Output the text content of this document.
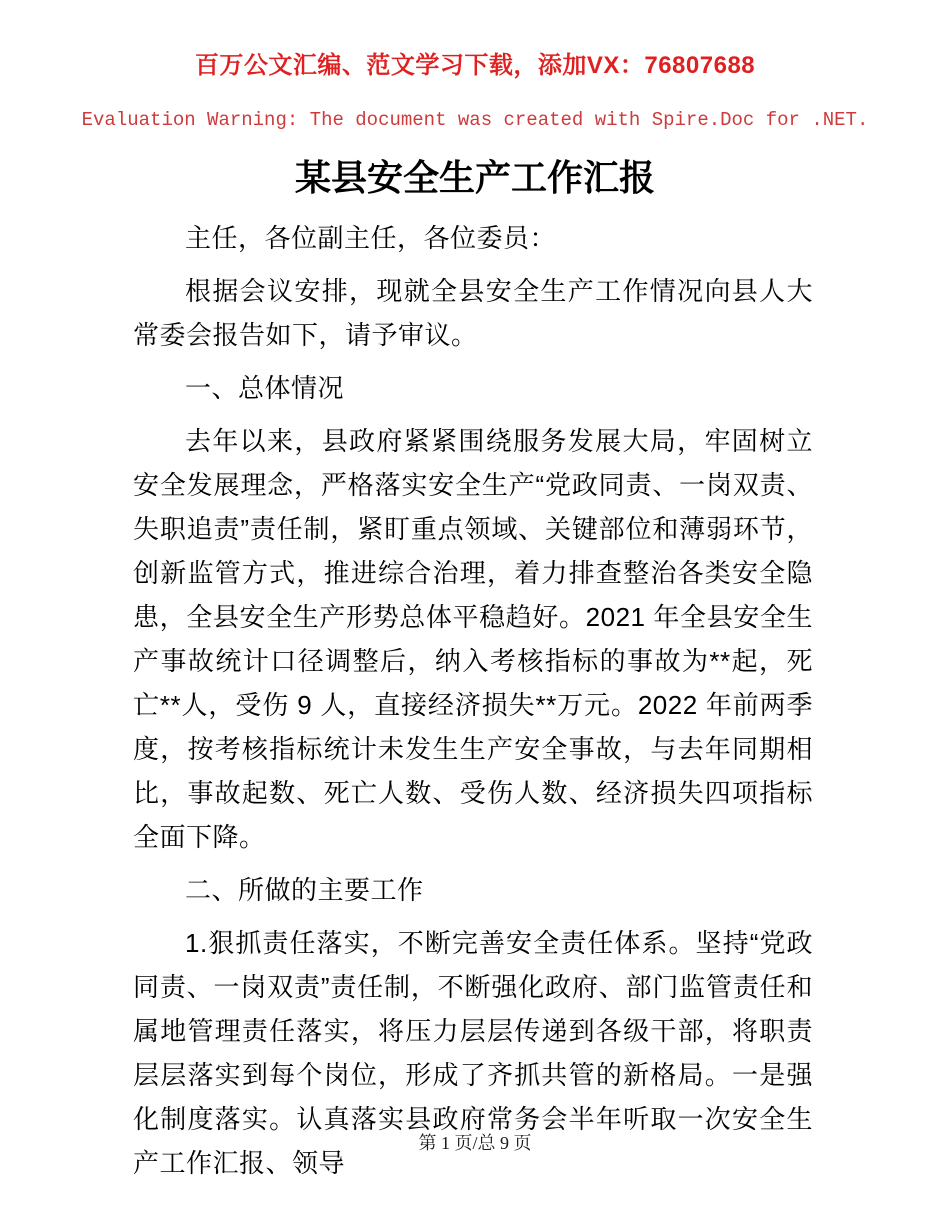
百万公文汇编、范文学习下载，添加VX：76807688

Evaluation Warning: The document was created with Spire.Doc for .NET.

某县安全生产工作汇报

主任，各位副主任，各位委员：

根据会议安排，现就全县安全生产工作情况向县人大常委会报告如下，请予审议。

一、总体情况

去年以来，县政府紧紧围绕服务发展大局，牢固树立安全发展理念，严格落实安全生产“党政同责、一岗双责、失职追责”责任制，紧盯重点领域、关键部位和薄弱环节，创新监管方式，推进综合治理，着力排查整治各类安全隐患，全县安全生产形势总体平稳趋好。2021 年全县安全生产事故统计口径调整后，纳入考核指标的事故为**起，死亡**人，受伤 9 人，直接经济损失**万元。2022 年前两季度，按考核指标统计未发生生产安全事故，与去年同期相比，事故起数、死亡人数、受伤人数、经济损失四项指标全面下降。

二、所做的主要工作

1.狠抓责任落实，不断完善安全责任体系。坚持“党政同责、一岗双责”责任制，不断强化政府、部门监管责任和属地管理责任落实，将压力层层传递到各级干部，将职责层层落实到每个岗位，形成了齐抓共管的新格局。一是强化制度落实。认真落实县政府常务会半年听取一次安全生产工作汇报、领导

第 1 页/总 9 页
